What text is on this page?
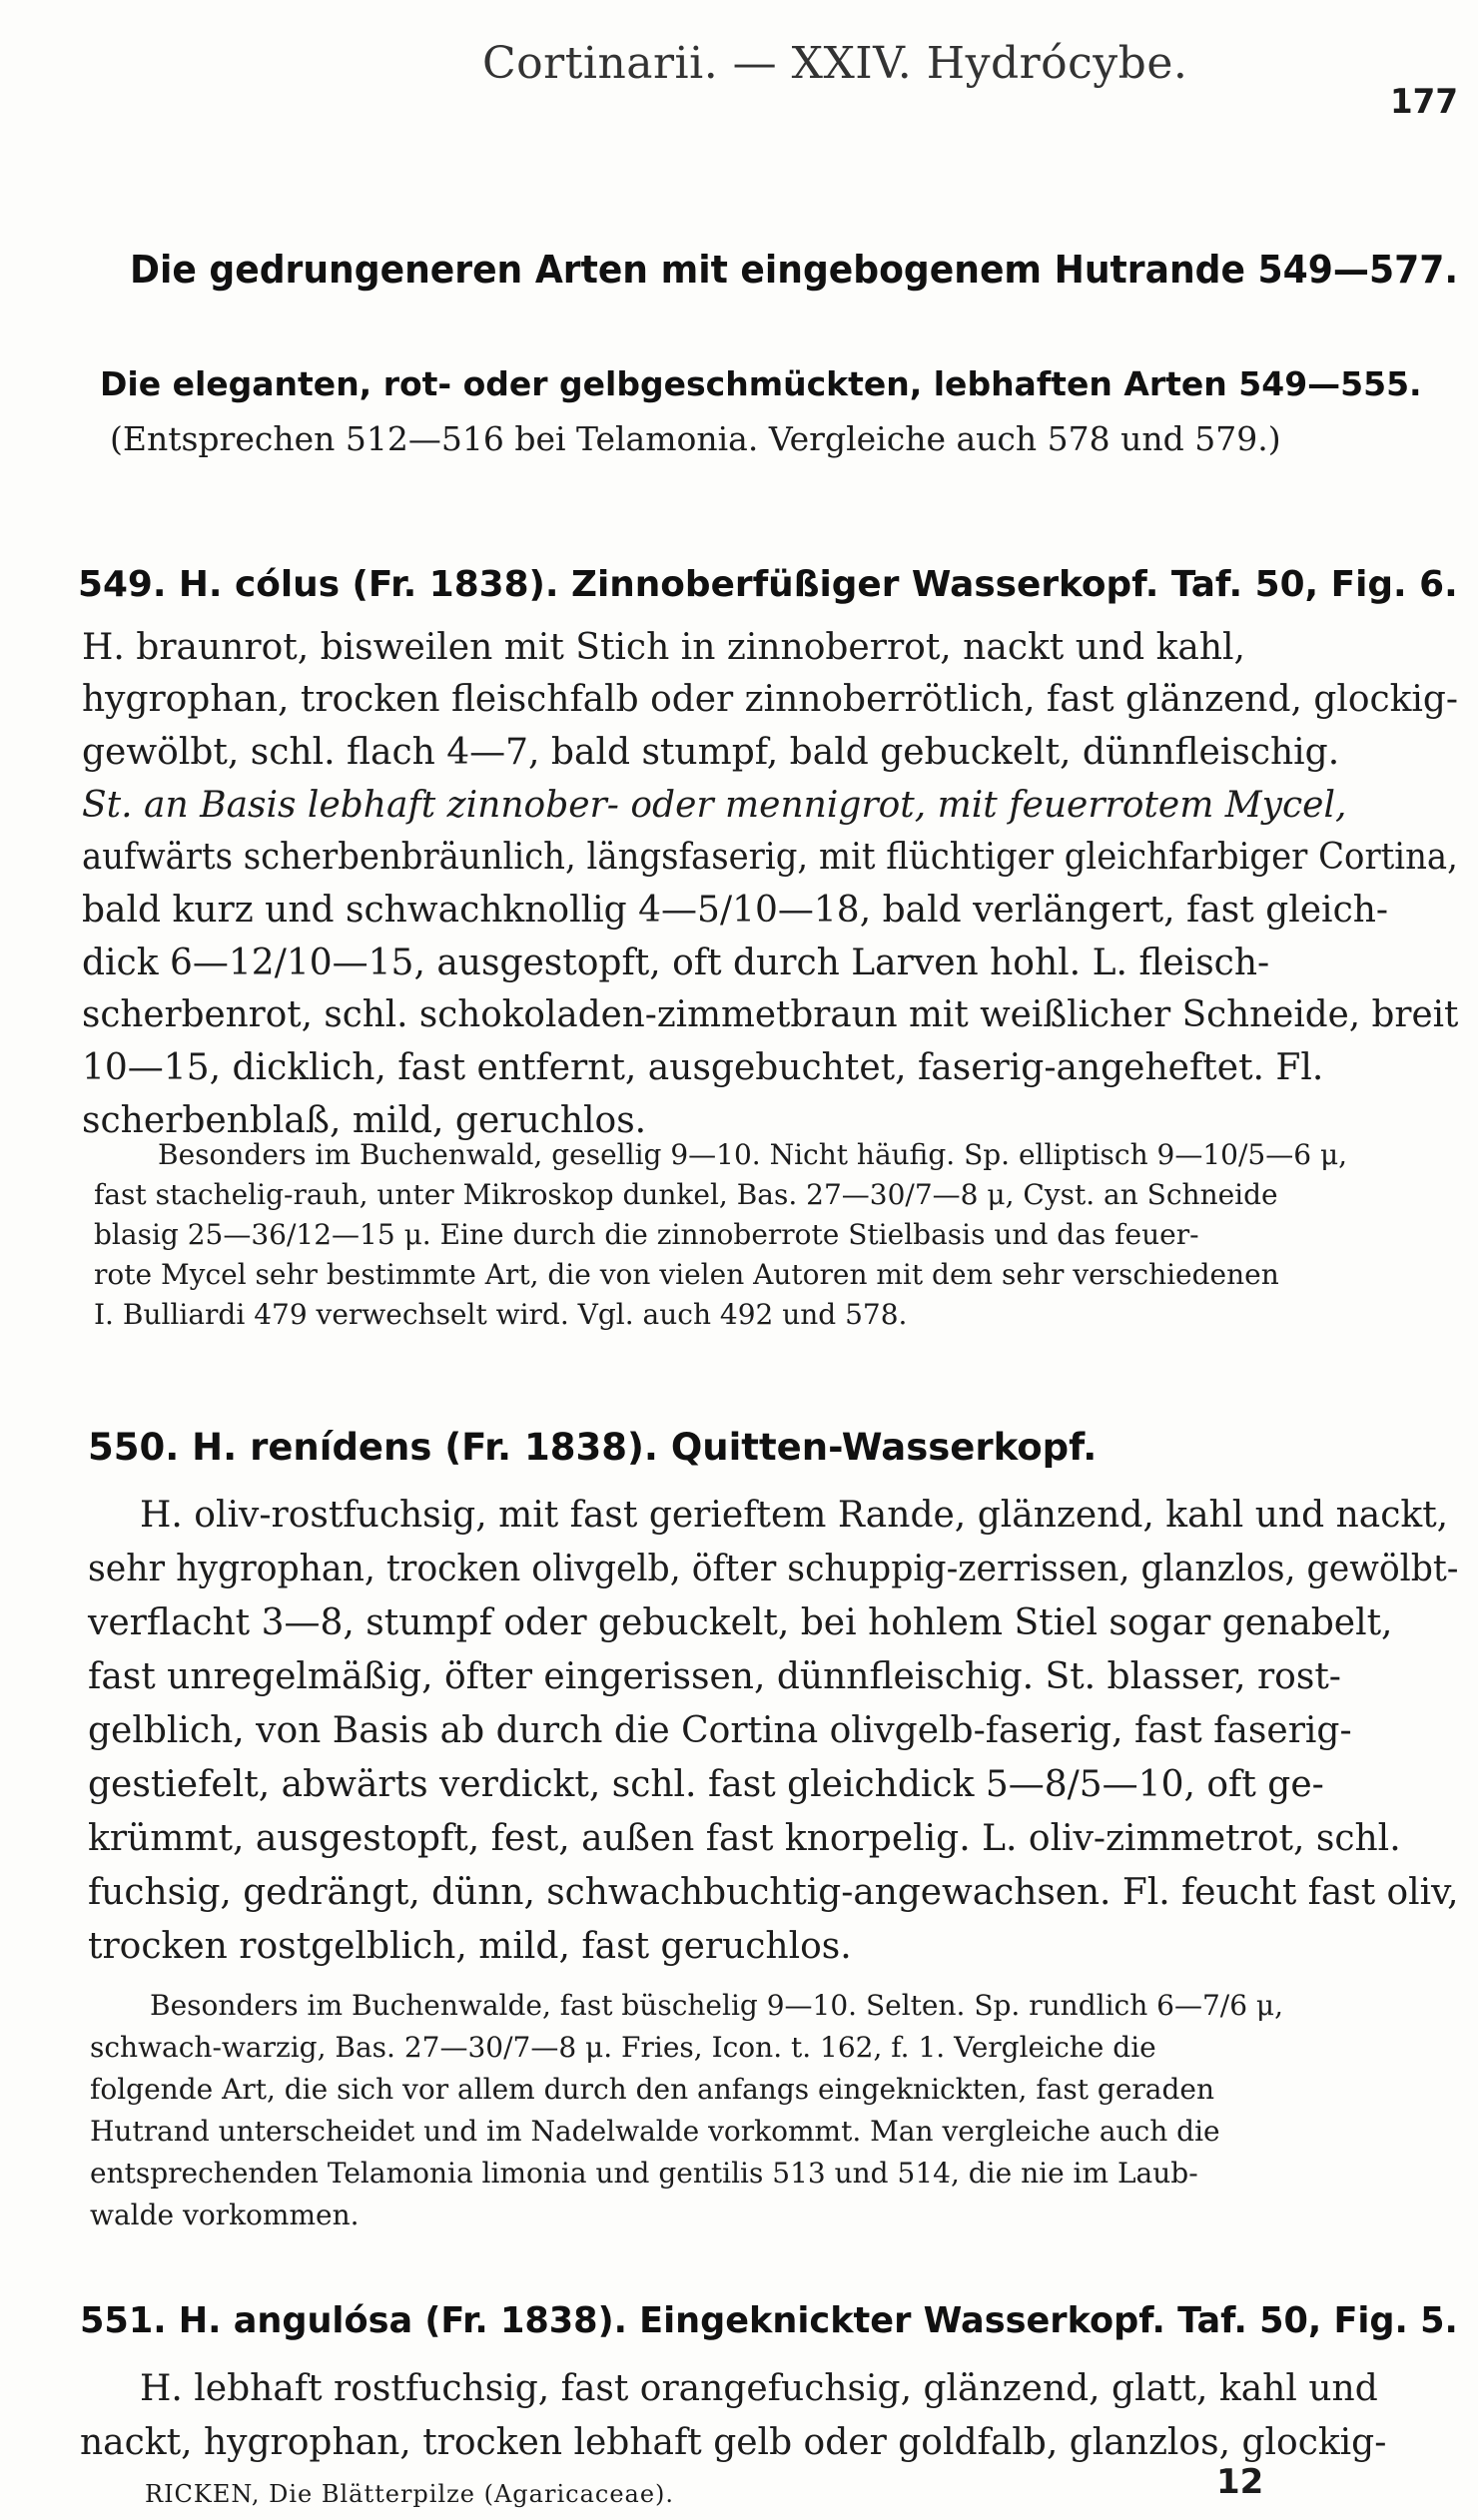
Cortinarii. — XXIV. Hydrócybe.
177
Die gedrungeneren Arten mit eingebogenem Hutrande 549—577.
Die eleganten, rot- oder gelbgeschmückten, lebhaften Arten 549—555.
(Entsprechen 512—516 bei Telamonia. Vergleiche auch 578 und 579.)
549. H. cólus (Fr. 1838). Zinnoberfüßiger Wasserkopf. Taf. 50, Fig. 6.
H. braunrot, bisweilen mit Stich in zinnoberrot, nackt und kahl,
hygrophan, trocken fleischfalb oder zinnoberrötlich, fast glänzend, glockig-
gewölbt, schl. flach 4—7, bald stumpf, bald gebuckelt, dünnfleischig.
St. an Basis lebhaft zinnober- oder mennigrot, mit feuerrotem Mycel,
aufwärts scherbenbräunlich, längsfaserig, mit flüchtiger gleichfarbiger Cortina,
bald kurz und schwachknollig 4—5/10—18, bald verlängert, fast gleich-
dick 6—12/10—15, ausgestopft, oft durch Larven hohl. L. fleisch-
scherbenrot, schl. schokoladen-zimmetbraun mit weißlicher Schneide, breit
10—15, dicklich, fast entfernt, ausgebuchtet, faserig-angeheftet. Fl.
scherbenblaß, mild, geruchlos.
Besonders im Buchenwald, gesellig 9—10. Nicht häufig. Sp. elliptisch 9—10/5—6 μ,
fast stachelig-rauh, unter Mikroskop dunkel, Bas. 27—30/7—8 μ, Cyst. an Schneide
blasig 25—36/12—15 μ. Eine durch die zinnoberrote Stielbasis und das feuer-
rote Mycel sehr bestimmte Art, die von vielen Autoren mit dem sehr verschiedenen
I. Bulliardi 479 verwechselt wird. Vgl. auch 492 und 578.
550. H. renídens (Fr. 1838). Quitten-Wasserkopf.
H. oliv-rostfuchsig, mit fast gerieftem Rande, glänzend, kahl und nackt,
sehr hygrophan, trocken olivgelb, öfter schuppig-zerrissen, glanzlos, gewölbt-
verflacht 3—8, stumpf oder gebuckelt, bei hohlem Stiel sogar genabelt,
fast unregelmäßig, öfter eingerissen, dünnfleischig. St. blasser, rost-
gelblich, von Basis ab durch die Cortina olivgelb-faserig, fast faserig-
gestiefelt, abwärts verdickt, schl. fast gleichdick 5—8/5—10, oft ge-
krümmt, ausgestopft, fest, außen fast knorpelig. L. oliv-zimmetrot, schl.
fuchsig, gedrängt, dünn, schwachbuchtig-angewachsen. Fl. feucht fast oliv,
trocken rostgelblich, mild, fast geruchlos.
Besonders im Buchenwalde, fast büschelig 9—10. Selten. Sp. rundlich 6—7/6 μ,
schwach-warzig, Bas. 27—30/7—8 μ. Fries, Icon. t. 162, f. 1. Vergleiche die
folgende Art, die sich vor allem durch den anfangs eingeknickten, fast geraden
Hutrand unterscheidet und im Nadelwalde vorkommt. Man vergleiche auch die
entsprechenden Telamonia limonia und gentilis 513 und 514, die nie im Laub-
walde vorkommen.
551. H. angulósa (Fr. 1838). Eingeknickter Wasserkopf. Taf. 50, Fig. 5.
H. lebhaft rostfuchsig, fast orangefuchsig, glänzend, glatt, kahl und
nackt, hygrophan, trocken lebhaft gelb oder goldfalb, glanzlos, glockig-
RICKEN, Die Blätterpilze (Agaricaceae).	12
